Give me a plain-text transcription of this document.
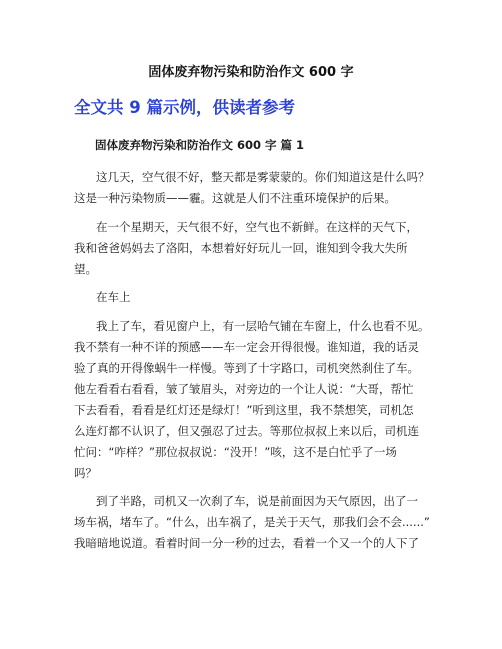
固体废弃物污染和防治作文 600 字
全文共 9 篇示例，供读者参考
固体废弃物污染和防治作文 600 字 篇 1

这几天，空气很不好，整天都是雾蒙蒙的。你们知道这是什么吗？
这是一种污染物质——霾。这就是人们不注重环境保护的后果。

在一个星期天，天气很不好，空气也不新鲜。在这样的天气下，
我和爸爸妈妈去了洛阳，本想着好好玩儿一回，谁知到令我大失所
望。

在车上

我上了车，看见窗户上，有一层哈气铺在车窗上，什么也看不见。
我不禁有一种不详的预感——车一定会开得很慢。谁知道，我的话灵
验了真的开得像蜗牛一样慢。等到了十字路口，司机突然刹住了车。
他左看看右看看，皱了皱眉头，对旁边的一个让人说：“大哥，帮忙
下去看看，看看是红灯还是绿灯！”听到这里，我不禁想笑，司机怎
么连灯都不认识了，但又强忍了过去。等那位叔叔上来以后，司机连
忙问：“咋样？”那位叔叔说：“没开！”咳，这不是白忙乎了一场
吗？

到了半路，司机又一次刹了车，说是前面因为天气原因，出了一
场车祸，堵车了。“什么，出车祸了，是关于天气，那我们会不会......”
我暗暗地说道。看着时间一分一秒的过去，看着一个又一个的人下了
